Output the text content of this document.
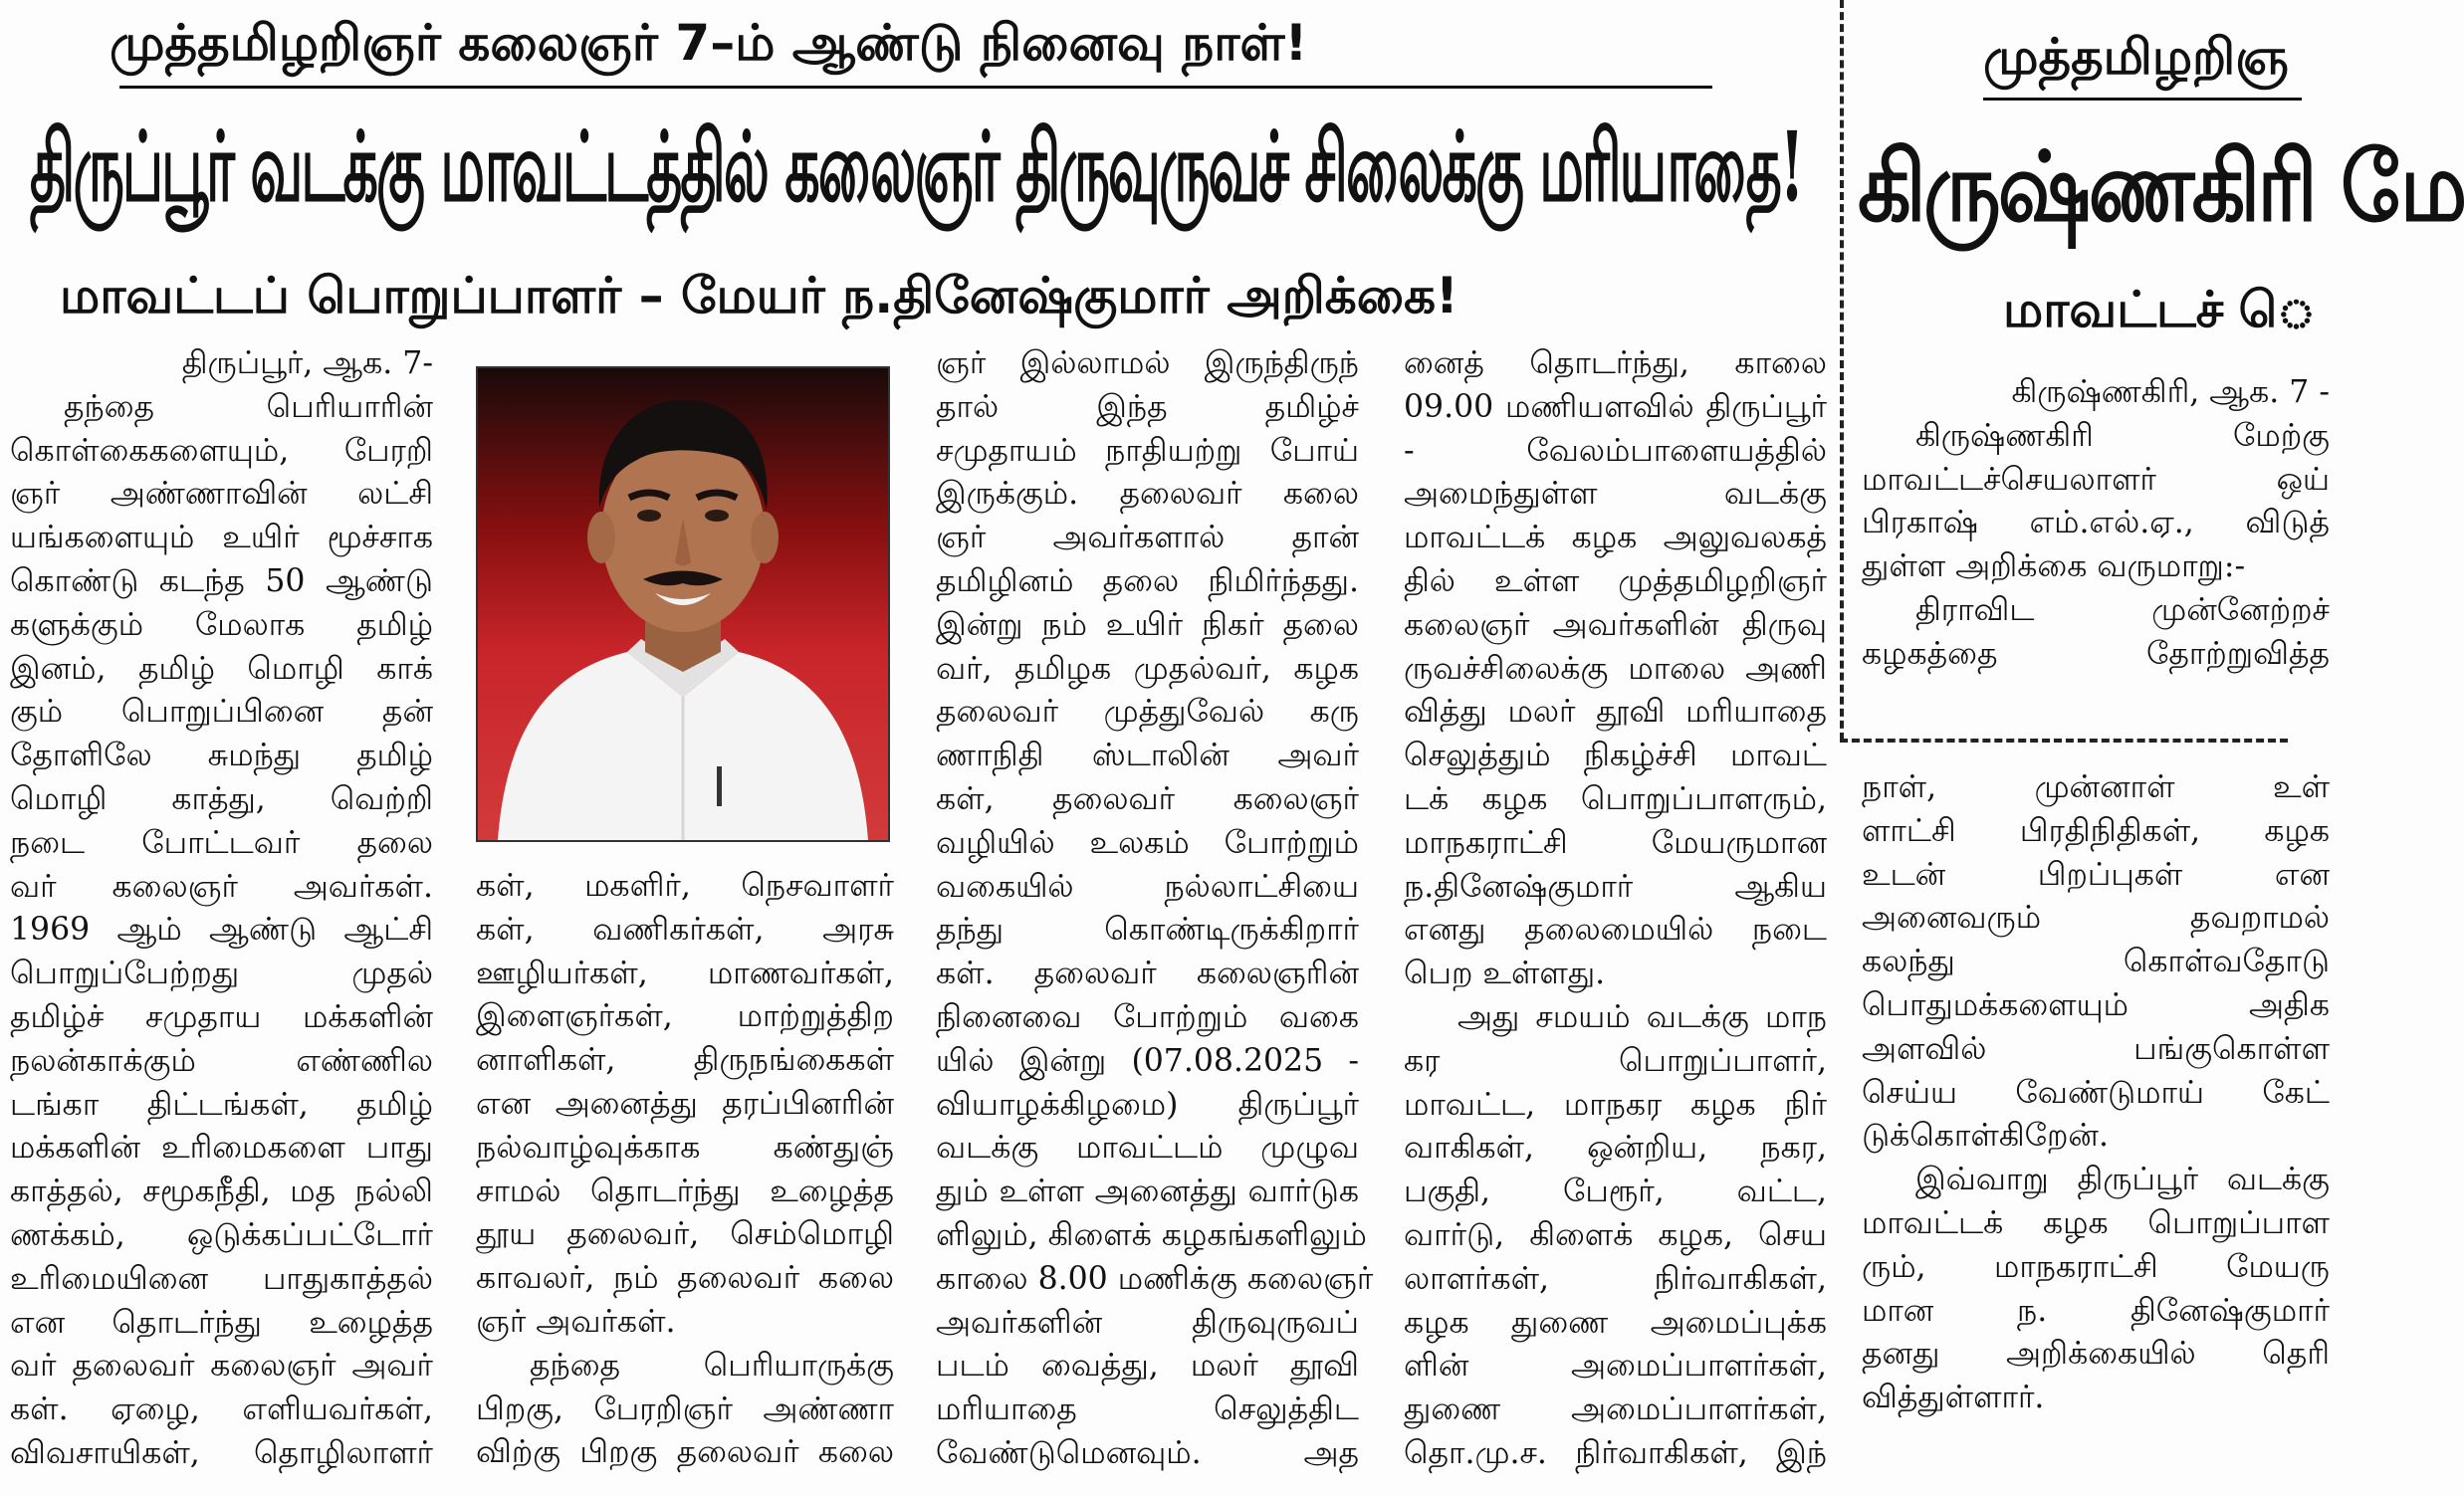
முத்தமிழறிஞர் கலைஞர் 7–ம் ஆண்டு நினைவு நாள்!
திருப்பூர் வடக்கு மாவட்டத்தில் கலைஞர் திருவுருவச் சிலைக்கு மரியாதை!
மாவட்டப் பொறுப்பாளர் – மேயர் ந.தினேஷ்குமார் அறிக்கை!
திருப்பூர், ஆக. 7-
தந்தை பெரியாரின்
கொள்கைகளையும், பேரறி
ஞர் அண்ணாவின் லட்சி
யங்களையும் உயிர் மூச்சாக
கொண்டு கடந்த 50 ஆண்டு
களுக்கும் மேலாக தமிழ்
இனம், தமிழ் மொழி காக்
கும் பொறுப்பினை தன்
தோளிலே சுமந்து தமிழ்
மொழி காத்து, வெற்றி
நடை போட்டவர் தலை
வர் கலைஞர் அவர்கள்.
1969 ஆம் ஆண்டு ஆட்சி
பொறுப்பேற்றது முதல்
தமிழ்ச் சமுதாய மக்களின்
நலன்காக்கும் எண்ணில
டங்கா திட்டங்கள், தமிழ்
மக்களின் உரிமைகளை பாது
காத்தல், சமூகநீதி, மத நல்லி
ணக்கம், ஒடுக்கப்பட்டோர்
உரிமையினை பாதுகாத்தல்
என தொடர்ந்து உழைத்த
வர் தலைவர் கலைஞர் அவர்
கள். ஏழை, எளியவர்கள்,
விவசாயிகள், தொழிலாளர்
கள், மகளிர், நெசவாளர்
கள், வணிகர்கள், அரசு
ஊழியர்கள், மாணவர்கள்,
இளைஞர்கள், மாற்றுத்திற
னாளிகள், திருநங்கைகள்
என அனைத்து தரப்பினரின்
நல்வாழ்வுக்காக கண்துஞ்
சாமல் தொடர்ந்து உழைத்த
தூய தலைவர், செம்மொழி
காவலர், நம் தலைவர் கலை
ஞர் அவர்கள்.
தந்தை பெரியாருக்கு
பிறகு, பேரறிஞர் அண்ணா
விற்கு பிறகு தலைவர் கலை
ஞர் இல்லாமல் இருந்திருந்
தால் இந்த தமிழ்ச்
சமுதாயம் நாதியற்று போய்
இருக்கும். தலைவர் கலை
ஞர் அவர்களால் தான்
தமிழினம் தலை நிமிர்ந்தது.
இன்று நம் உயிர் நிகர் தலை
வர், தமிழக முதல்வர், கழக
தலைவர் முத்துவேல் கரு
ணாநிதி ஸ்டாலின் அவர்
கள், தலைவர் கலைஞர்
வழியில் உலகம் போற்றும்
வகையில் நல்லாட்சியை
தந்து கொண்டிருக்கிறார்
கள். தலைவர் கலைஞரின்
நினைவை போற்றும் வகை
யில் இன்று (07.08.2025 -
வியாழக்கிழமை) திருப்பூர்
வடக்கு மாவட்டம் முழுவ
தும் உள்ள அனைத்து வார்டுக
ளிலும், கிளைக் கழகங்களிலும்
காலை 8.00 மணிக்கு கலைஞர்
அவர்களின் திருவுருவப்
படம் வைத்து, மலர் தூவி
மரியாதை செலுத்திட
வேண்டுமெனவும். அத
னைத் தொடர்ந்து, காலை
09.00 மணியளவில் திருப்பூர்
- வேலம்பாளையத்தில்
அமைந்துள்ள வடக்கு
மாவட்டக் கழக அலுவலகத்
தில் உள்ள முத்தமிழறிஞர்
கலைஞர் அவர்களின் திருவு
ருவச்சிலைக்கு மாலை அணி
வித்து மலர் தூவி மரியாதை
செலுத்தும் நிகழ்ச்சி மாவட்
டக் கழக பொறுப்பாளரும்,
மாநகராட்சி மேயருமான
ந.தினேஷ்குமார் ஆகிய
எனது தலைமையில் நடை
பெற உள்ளது.
அது சமயம் வடக்கு மாந
கர பொறுப்பாளர்,
மாவட்ட, மாநகர கழக நிர்
வாகிகள், ஒன்றிய, நகர,
பகுதி, பேரூர், வட்ட,
வார்டு, கிளைக் கழக, செய
லாளர்கள், நிர்வாகிகள்,
கழக துணை அமைப்புக்க
ளின் அமைப்பாளர்கள்,
துணை அமைப்பாளர்கள்,
தொ.மு.ச. நிர்வாகிகள், இந்
முத்தமிழறிஞ
கிருஷ்ணகிரி மே
மாவட்டச் ெ
கிருஷ்ணகிரி, ஆக. 7 -
கிருஷ்ணகிரி மேற்கு
மாவட்டச்செயலாளர் ஒய்
பிரகாஷ் எம்.எல்.ஏ., விடுத்
துள்ள அறிக்கை வருமாறு:-
திராவிட முன்னேற்றச்
கழகத்தை தோற்றுவித்த
நாள், முன்னாள் உள்
ளாட்சி பிரதிநிதிகள், கழக
உடன் பிறப்புகள் என
அனைவரும் தவறாமல்
கலந்து கொள்வதோடு
பொதுமக்களையும் அதிக
அளவில் பங்குகொள்ள
செய்ய வேண்டுமாய் கேட்
டுக்கொள்கிறேன்.
இவ்வாறு திருப்பூர் வடக்கு
மாவட்டக் கழக பொறுப்பாள
ரும், மாநகராட்சி மேயரு
மான ந. தினேஷ்குமார்
தனது அறிக்கையில் தெரி
வித்துள்ளார்.
